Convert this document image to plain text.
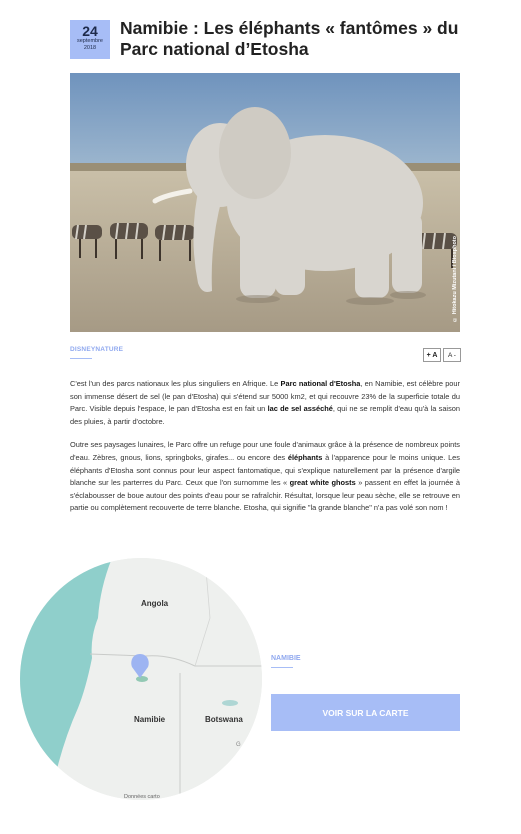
24
septembre
2018
Namibie : Les éléphants « fantômes » du Parc national d’Etosha
© Hitokazu Mizutani / Biosphoto
DISNEYNATURE
+ A	A -

C'est l'un des parcs nationaux les plus singuliers en Afrique. Le Parc national d'Etosha, en Namibie, est célèbre pour son immense désert de sel (le pan d'Etosha) qui s'étend sur 5000 km2, et qui recouvre 23% de la superficie totale du Parc. Visible depuis l'espace, le pan d'Etosha est en fait un lac de sel asséché, qui ne se remplit d'eau qu'à la saison des pluies, à partir d'octobre.

Outre ses paysages lunaires, le Parc offre un refuge pour une foule d'animaux grâce à la présence de nombreux points d'eau. Zèbres, gnous, lions, springboks, girafes... ou encore des éléphants à l'apparence pour le moins unique. Les éléphants d'Etosha sont connus pour leur aspect fantomatique, qui s'explique naturellement par la présence d'argile blanche sur les parterres du Parc. Ceux que l'on surnomme les « great white ghosts » passent en effet la journée à s'éclabousser de boue autour des points d'eau pour se rafraîchir. Résultat, lorsque leur peau sèche, elle se retrouve en partie ou complètement recouverte de terre blanche. Etosha, qui signifie "la grande blanche" n'a pas volé son nom !

Angola
Namibie	Botswana
G
Données carto
NAMIBIE
VOIR SUR LA CARTE
